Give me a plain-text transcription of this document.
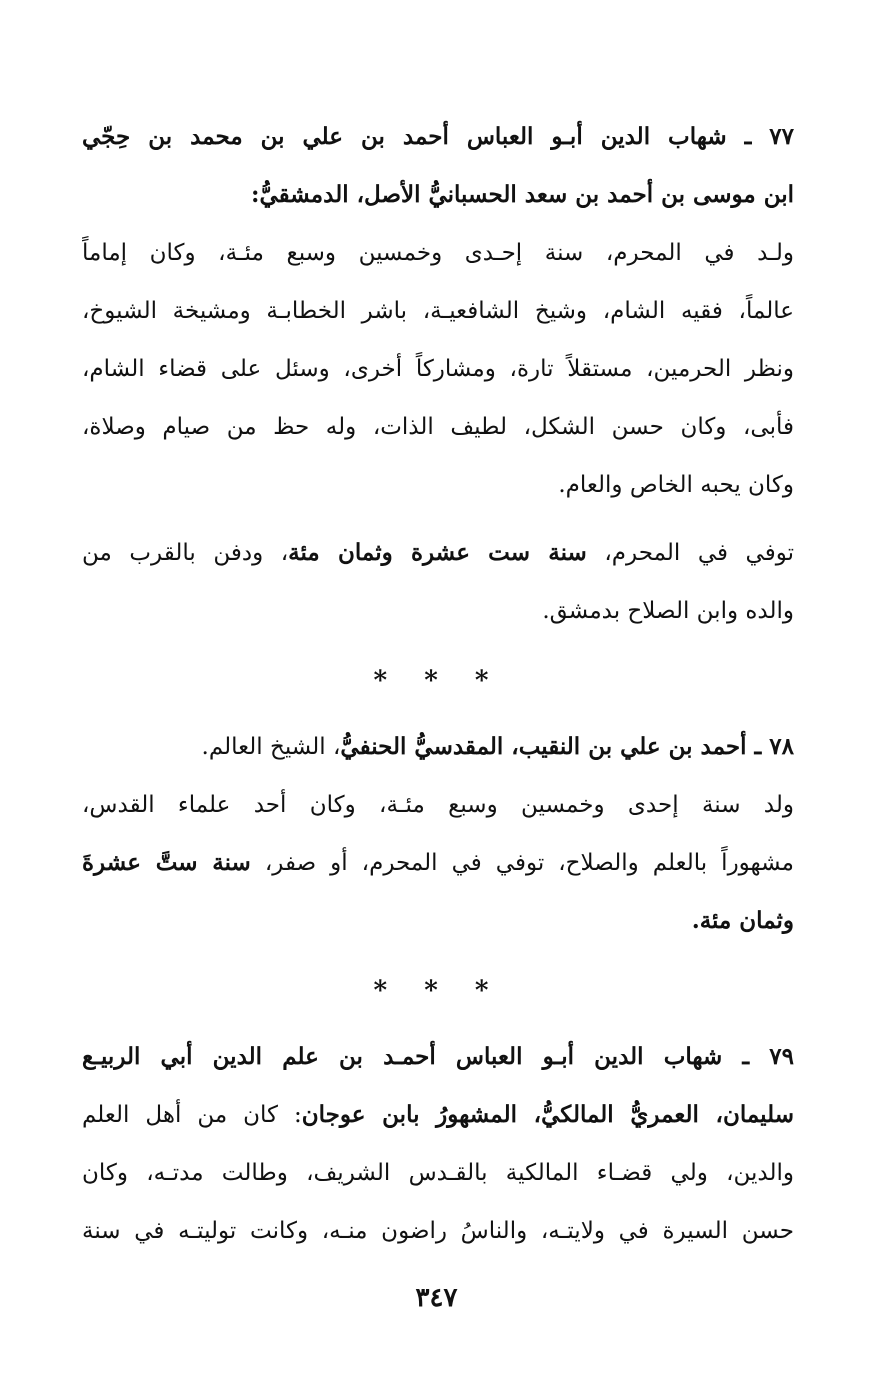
٧٧ ـ شهاب الدين أبـو العباس أحمد بن علي بن محمد بن حِجّي
ابن موسى بن أحمد بن سعد الحسبانيُّ الأصل، الدمشقيُّ:
ولـد في المحرم، سنة إحـدى وخمسين وسبع مئـة، وكان إماماً
عالماً، فقيه الشام، وشيخ الشافعيـة، باشر الخطابـة ومشيخة الشيوخ،
ونظر الحرمين، مستقلاً تارة، ومشاركاً أخرى، وسئل على قضاء الشام،
فأبى، وكان حسن الشكل، لطيف الذات، وله حظ من صيام وصلاة،
وكان يحبه الخاص والعام.
توفي في المحرم، سنة ست عشرة وثمان مئة، ودفن بالقرب من
والده وابن الصلاح بدمشق.
* * *
٧٨ ـ أحمد بن علي بن النقيب، المقدسيُّ الحنفيُّ، الشيخ العالم.
ولد سنة إحدى وخمسين وسبع مئـة، وكان أحد علماء القدس،
مشهوراً بالعلم والصلاح، توفي في المحرم، أو صفر، سنة ستَّ عشرةَ
وثمان مئة.
* * *
٧٩ ـ شهاب الدين أبـو العباس أحمـد بن علم الدين أبي الربيـع
سليمان، العمريُّ المالكيُّ، المشهورُ بابن عوجان: كان من أهل العلم
والدين، ولي قضـاء المالكية بالقـدس الشريف، وطالت مدتـه، وكان
حسن السيرة في ولايتـه، والناسُ راضون منـه، وكانت توليتـه في سنة
٣٤٧
